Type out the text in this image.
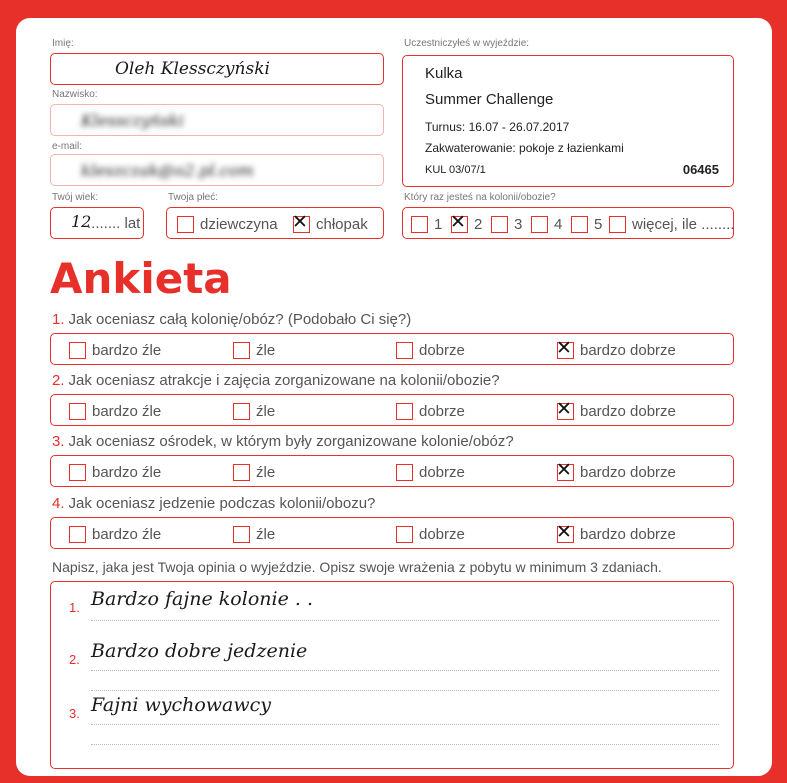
Imię:
Oleh Klessczyński
Nazwisko:
Klessczyński
e-mail:
kleszczak@o2.pl.com
Twój wiek:
12
........ lat
Twoja płeć:
dziewczyna ✕	chłopak
Uczestniczyłeś w wyjeździe:
Kulka
Summer Challenge
Turnus: 16.07 - 26.07.2017
Zakwaterowanie: pokoje z łazienkami
KUL 03/07/1	06465
Który raz jesteś na kolonii/obozie?
1 ✕	2	3	4	5	więcej, ile ........
Ankieta
1. Jak oceniasz całą kolonię/obóz? (Podobało Ci się?)
bardzo źle	źle	dobrze ✕	bardzo dobrze
2. Jak oceniasz atrakcje i zajęcia zorganizowane na kolonii/obozie?
bardzo źle	źle	dobrze ✕	bardzo dobrze
3. Jak oceniasz ośrodek, w którym były zorganizowane kolonie/obóz?
bardzo źle	źle	dobrze ✕	bardzo dobrze
4. Jak oceniasz jedzenie podczas kolonii/obozu?
bardzo źle	źle	dobrze ✕	bardzo dobrze
Napisz, jaka jest Twoja opinia o wyjeździe. Opisz swoje wrażenia z pobytu w minimum 3 zdaniach.
1. Bardzo fajne kolonie . .
2. Bardzo dobre jedzenie
3. Fajni wychowawcy
